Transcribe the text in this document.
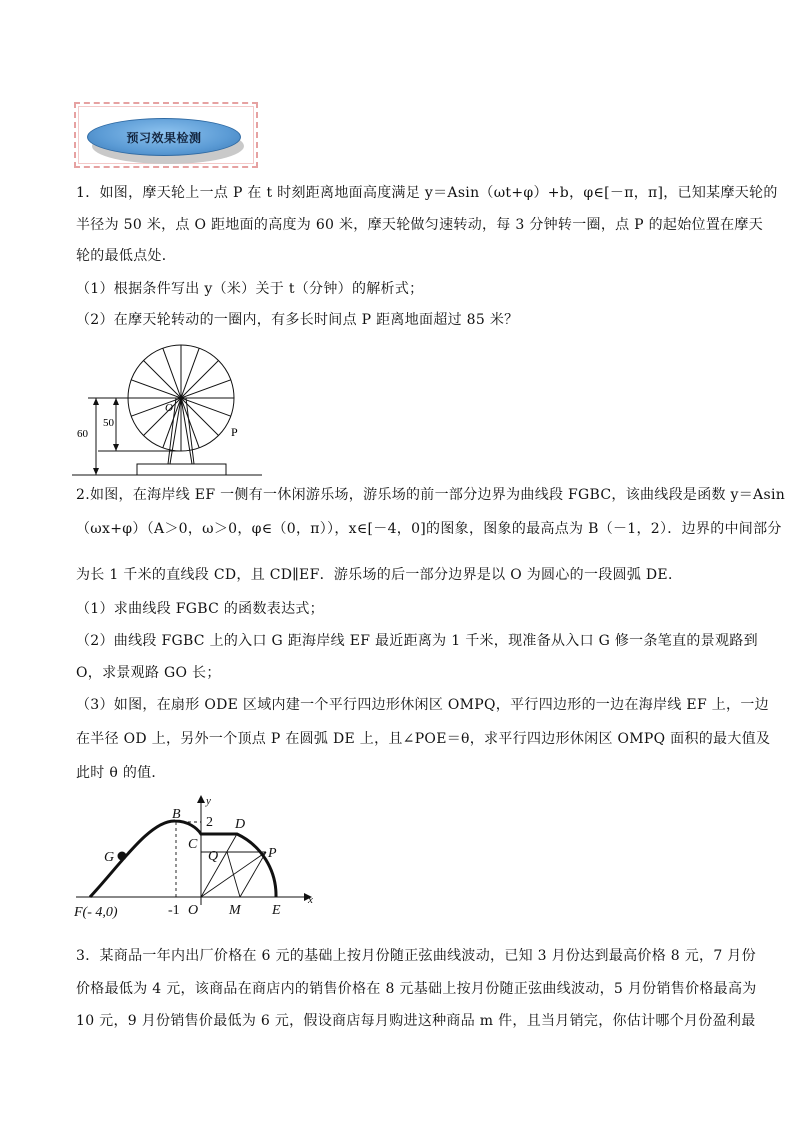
预习效果检测
1．如图，摩天轮上一点 P 在 t 时刻距离地面高度满足 y＝Asin（ωt+φ）+b，φ∈[－π，π]，已知某摩天轮的
半径为 50 米，点 O 距地面的高度为 60 米，摩天轮做匀速转动，每 3 分钟转一圈，点 P 的起始位置在摩天
轮的最低点处．
（1）根据条件写出 y（米）关于 t（分钟）的解析式；
（2）在摩天轮转动的一圈内，有多长时间点 P 距离地面超过 85 米？
60
50
O
P
2.如图，在海岸线 EF 一侧有一休闲游乐场，游乐场的前一部分边界为曲线段 FGBC，该曲线段是函数 y＝Asin
（ωx+φ）（A＞0，ω＞0，φ∈（0，π）），x∈[－4，0]的图象，图象的最高点为 B（－1，2）．边界的中间部分
为长 1 千米的直线段 CD，且 CD∥EF．游乐场的后一部分边界是以 O 为圆心的一段圆弧 DE．
（1）求曲线段 FGBC 的函数表达式；
（2）曲线段 FGBC 上的入口 G 距海岸线 EF 最近距离为 1 千米，现准备从入口 G 修一条笔直的景观路到
O，求景观路 GO 长；
（3）如图，在扇形 ODE 区域内建一个平行四边形休闲区 OMPQ，平行四边形的一边在海岸线 EF 上，一边
在半径 OD 上，另外一个顶点 P 在圆弧 DE 上，且∠POE＝θ，求平行四边形休闲区 OMPQ 面积的最大值及
此时 θ 的值．
y
x
B
2 D
C
G	Q	P
F(- 4,0)	-1 O M E
3．某商品一年内出厂价格在 6 元的基础上按月份随正弦曲线波动，已知 3 月份达到最高价格 8 元，7 月份
价格最低为 4 元，该商品在商店内的销售价格在 8 元基础上按月份随正弦曲线波动，5 月份销售价格最高为
10 元，9 月份销售价最低为 6 元，假设商店每月购进这种商品 m 件，且当月销完，你估计哪个月份盈利最
